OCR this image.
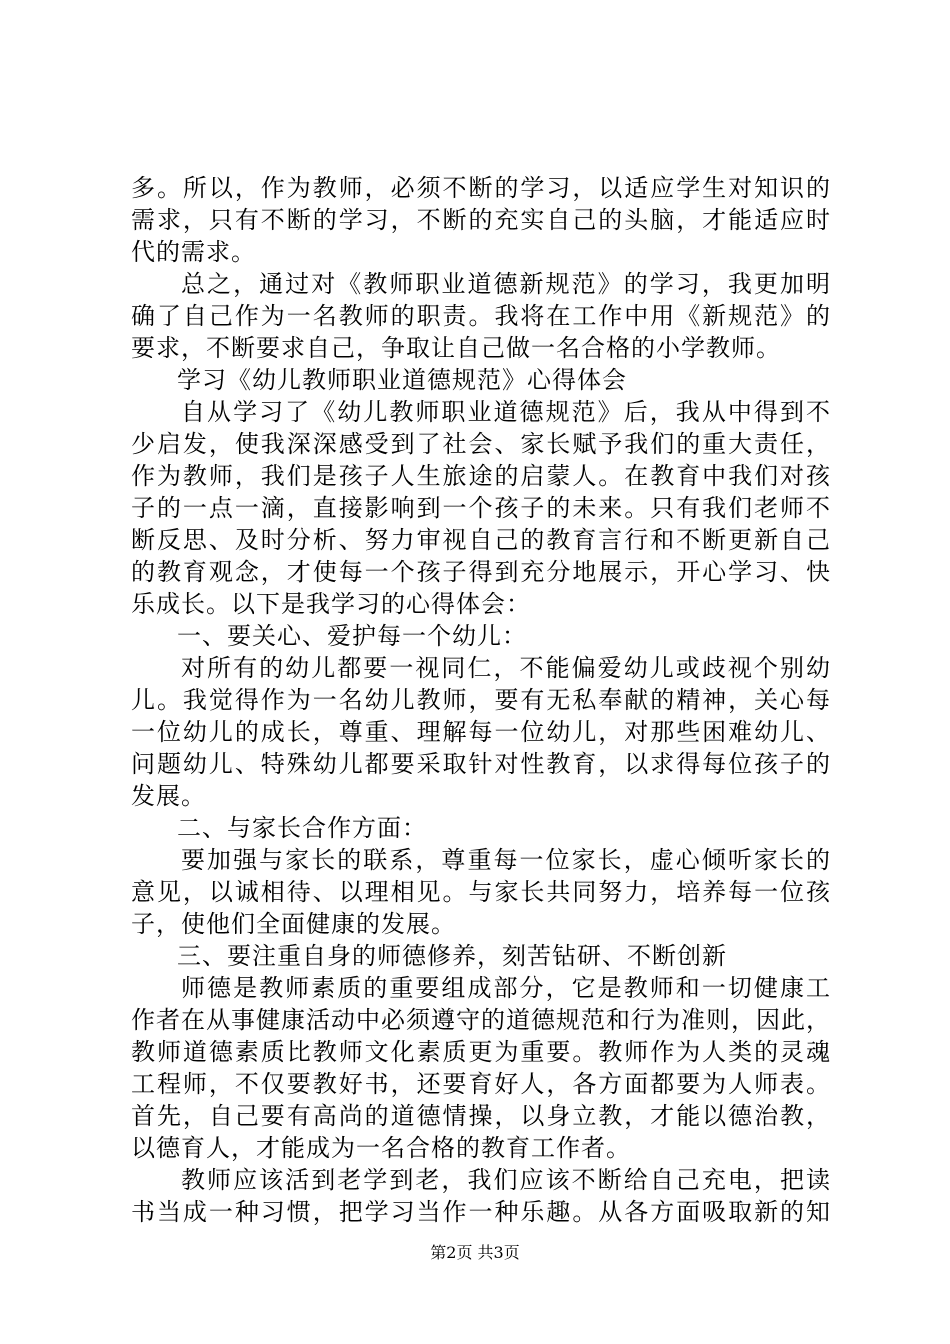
多。所以，作为教师，必须不断的学习，以适应学生对知识的
需求，只有不断的学习，不断的充实自己的头脑，才能适应时
代的需求。
总之，通过对《教师职业道德新规范》的学习，我更加明
确了自己作为一名教师的职责。我将在工作中用《新规范》的
要求，不断要求自己，争取让自己做一名合格的小学教师。
学习《幼儿教师职业道德规范》心得体会
自从学习了《幼儿教师职业道德规范》后，我从中得到不
少启发，使我深深感受到了社会、家长赋予我们的重大责任，
作为教师，我们是孩子人生旅途的启蒙人。在教育中我们对孩
子的一点一滴，直接影响到一个孩子的未来。只有我们老师不
断反思、及时分析、努力审视自己的教育言行和不断更新自己
的教育观念，才使每一个孩子得到充分地展示，开心学习、快
乐成长。以下是我学习的心得体会：
一、要关心、爱护每一个幼儿：
对所有的幼儿都要一视同仁，不能偏爱幼儿或歧视个别幼
儿。我觉得作为一名幼儿教师，要有无私奉献的精神，关心每
一位幼儿的成长，尊重、理解每一位幼儿，对那些困难幼儿、
问题幼儿、特殊幼儿都要采取针对性教育，以求得每位孩子的
发展。
二、与家长合作方面：
要加强与家长的联系，尊重每一位家长，虚心倾听家长的
意见，以诚相待、以理相见。与家长共同努力，培养每一位孩
子，使他们全面健康的发展。
三、要注重自身的师德修养，刻苦钻研、不断创新
师德是教师素质的重要组成部分，它是教师和一切健康工
作者在从事健康活动中必须遵守的道德规范和行为准则，因此，
教师道德素质比教师文化素质更为重要。教师作为人类的灵魂
工程师，不仅要教好书，还要育好人，各方面都要为人师表。
首先，自己要有高尚的道德情操，以身立教，才能以德治教，
以德育人，才能成为一名合格的教育工作者。
教师应该活到老学到老，我们应该不断给自己充电，把读
书当成一种习惯，把学习当作一种乐趣。从各方面吸取新的知
第2页 共3页
